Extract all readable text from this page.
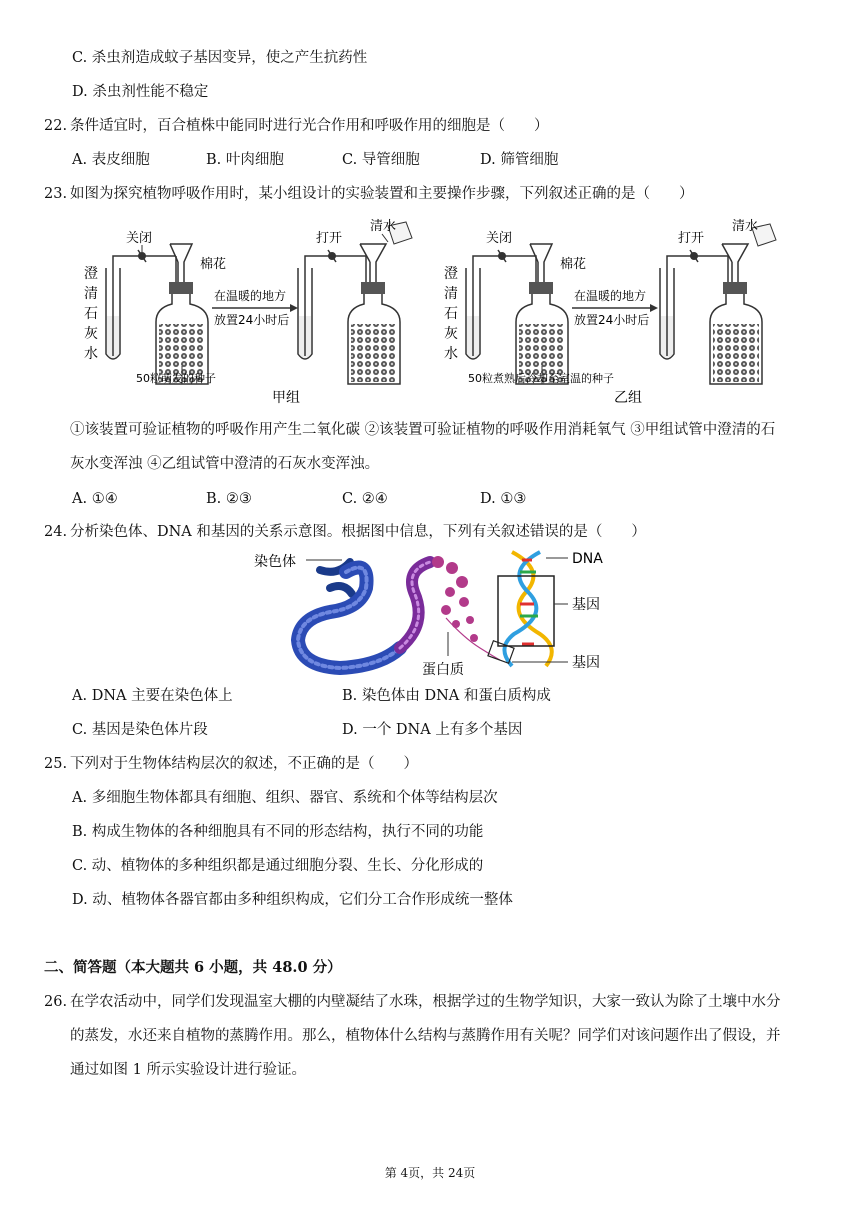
C. 杀虫剂造成蚊子基因变异，使之产生抗药性
D. 杀虫剂性能不稳定
22. 条件适宜时，百合植株中能同时进行光合作用和呼吸作用的细胞是（　　）
A. 表皮细胞	B. 叶肉细胞	C. 导管细胞	D. 筛管细胞
23. 如图为探究植物呼吸作用时，某小组设计的实验装置和主要操作步骤，下列叙述正确的是（　　）
澄
清
石
灰
水
关闭
棉花
50粒萌发的种子
在温暖的地方
放置24小时后
打开
清水
甲组
澄
清
石
灰
水
关闭
棉花
50粒煮熟后冷却至室温的种子
在温暖的地方
放置24小时后
打开
清水
乙组
①该装置可验证植物的呼吸作用产生二氧化碳 ②该装置可验证植物的呼吸作用消耗氧气 ③甲组试管中澄清的石
灰水变浑浊 ④乙组试管中澄清的石灰水变浑浊。
A. ①④	B. ②③	C. ②④	D. ①③
24. 分析染色体、DNA 和基因的关系示意图。根据图中信息，下列有关叙述错误的是（　　）
染色体	DNA
基因
基因
蛋白质
A. DNA 主要在染色体上	B. 染色体由 DNA 和蛋白质构成
C. 基因是染色体片段	D. 一个 DNA 上有多个基因
25. 下列对于生物体结构层次的叙述，不正确的是（　　）
A. 多细胞生物体都具有细胞、组织、器官、系统和个体等结构层次
B. 构成生物体的各种细胞具有不同的形态结构，执行不同的功能
C. 动、植物体的多种组织都是通过细胞分裂、生长、分化形成的
D. 动、植物体各器官都由多种组织构成，它们分工合作形成统一整体
二、简答题（本大题共 6 小题，共 48.0 分）
26. 在学农活动中，同学们发现温室大棚的内壁凝结了水珠，根据学过的生物学知识，大家一致认为除了土壤中水分
的蒸发，水还来自植物的蒸腾作用。那么，植物体什么结构与蒸腾作用有关呢？同学们对该问题作出了假设，并
通过如图 1 所示实验设计进行验证。
第 4页，共 24页
